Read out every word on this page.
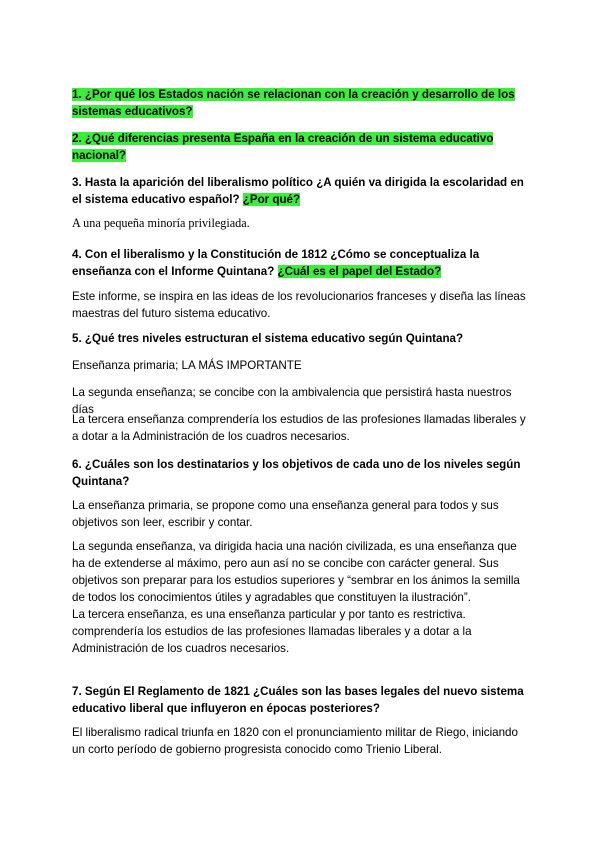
1. ¿Por qué los Estados nación se relacionan con la creación y desarrollo de los sistemas educativos?
2. ¿Qué diferencias presenta España en la creación de un sistema educativo nacional?
3. Hasta la aparición del liberalismo político ¿A quién va dirigida la escolaridad en el sistema educativo español? ¿Por qué?
A una pequeña minoría privilegiada.
4. Con el liberalismo y la Constitución de 1812 ¿Cómo se conceptualiza la enseñanza con el Informe Quintana? ¿Cuál es el papel del Estado?
Este informe, se inspira en las ideas de los revolucionarios franceses y diseña las líneas maestras del futuro sistema educativo.
5. ¿Qué tres niveles estructuran el sistema educativo según Quintana?
Enseñanza primaria; LA MÁS IMPORTANTE
La segunda enseñanza; se concibe con la ambivalencia que persistirá hasta nuestros días
La tercera enseñanza comprendería los estudios de las profesiones llamadas liberales y a dotar a la Administración de los cuadros necesarios.
6. ¿Cuáles son los destinatarios y los objetivos de cada uno de los niveles según Quintana?
La enseñanza primaria, se propone como una enseñanza general para todos y sus objetivos son leer, escribir y contar.
La segunda enseñanza, va dirigida hacia una nación civilizada, es una enseñanza que ha de extenderse al máximo, pero aun así no se concibe con carácter general. Sus objetivos son preparar para los estudios superiores y “sembrar en los ánimos la semilla de todos los conocimientos útiles y agradables que constituyen la ilustración”.
La tercera enseñanza, es una enseñanza particular y por tanto es restrictiva. comprendería los estudios de las profesiones llamadas liberales y a dotar a la Administración de los cuadros necesarios.
7. Según El Reglamento de 1821 ¿Cuáles son las bases legales del nuevo sistema educativo liberal que influyeron en épocas posteriores?
El liberalismo radical triunfa en 1820 con el pronunciamiento militar de Riego, iniciando un corto período de gobierno progresista conocido como Trienio Liberal.
